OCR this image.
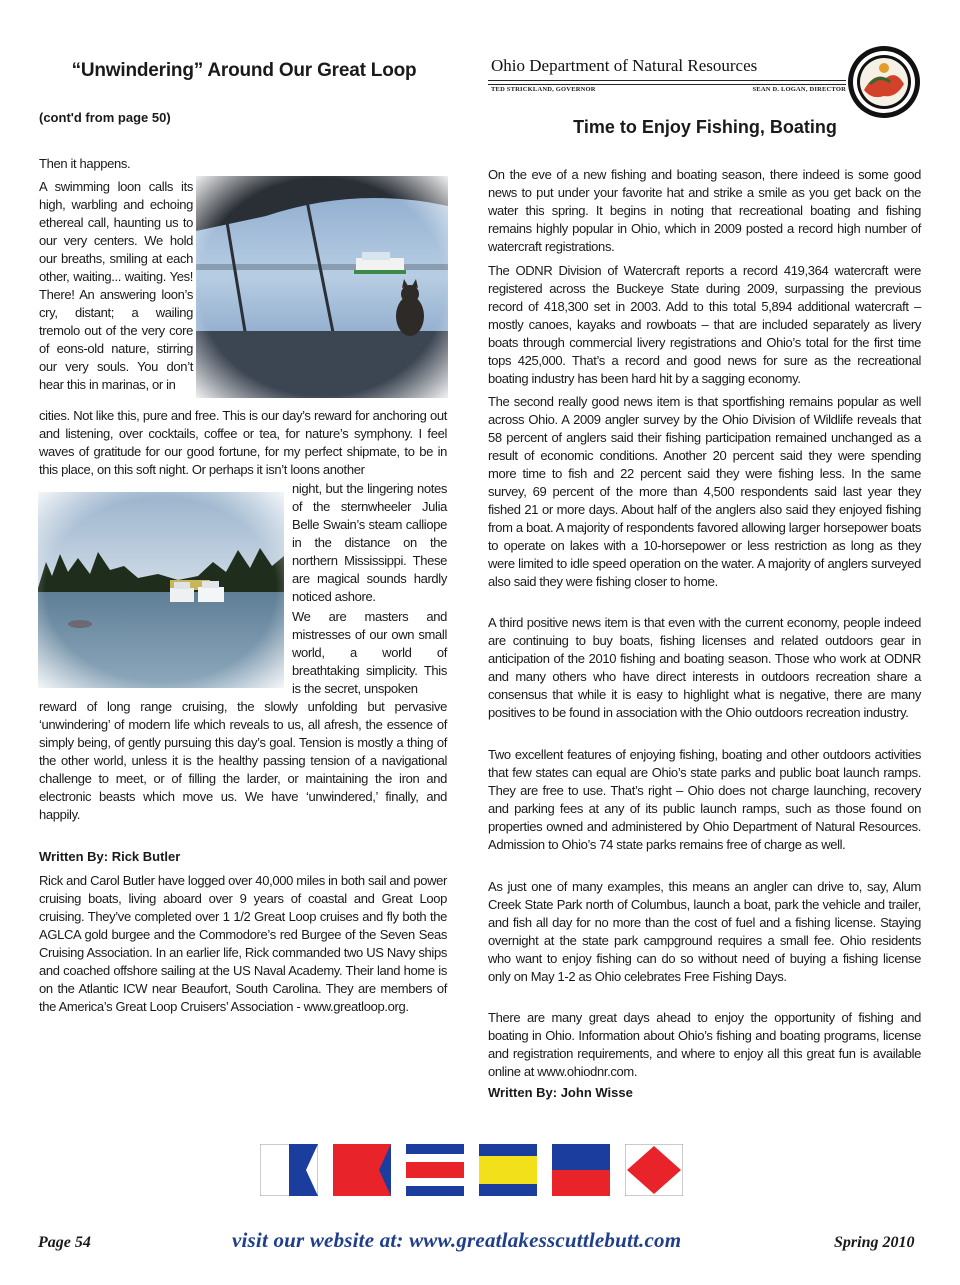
“Unwindering” Around Our Great Loop
(cont'd from page 50)

Then it happens.

A swimming loon calls its high, warbling and echoing ethereal call, haunting us to our very centers. We hold our breaths, smiling at each other, waiting... waiting. Yes! There! An answering loon’s cry, distant; a wailing tremolo out of the very core of eons-old nature, stirring our very souls. You don’t hear this in marinas, or in

cities. Not like this, pure and free. This is our day’s reward for anchoring out and listening, over cocktails, coffee or tea, for nature’s symphony. I feel waves of gratitude for our good fortune, for my perfect shipmate, to be in this place, on this soft night. Or perhaps it isn’t loons another

night, but the lingering notes of the sternwheeler Julia Belle Swain’s steam calliope in the distance on the northern Mississippi. These are magical sounds hardly noticed ashore.

We are masters and mistresses of our own small world, a world of breathtaking simplicity. This is the secret, unspoken

reward of long range cruising, the slowly unfolding but pervasive ‘unwindering’ of modern life which reveals to us, all afresh, the essence of simply being, of gently pursuing this day’s goal. Tension is mostly a thing of the other world, unless it is the healthy passing tension of a navigational challenge to meet, or of filling the larder, or maintaining the iron and electronic beasts which move us. We have ‘unwindered,’ finally, and happily.

Written By: Rick Butler

Rick and Carol Butler have logged over 40,000 miles in both sail and power cruising boats, living aboard over 9 years of coastal and Great Loop cruising. They’ve completed over 1 1/2 Great Loop cruises and fly both the AGLCA gold burgee and the Commodore’s red Burgee of the Seven Seas Cruising Association. In an earlier life, Rick commanded two US Navy ships and coached offshore sailing at the US Naval Academy. Their land home is on the Atlantic ICW near Beaufort, South Carolina. They are members of the America’s Great Loop Cruisers’ Association - www.greatloop.org.

Ohio Department of Natural Resources
TED STRICKLAND, GOVERNOR	SEAN D. LOGAN, DIRECTOR
Time to Enjoy Fishing, Boating

On the eve of a new fishing and boating season, there indeed is some good news to put under your favorite hat and strike a smile as you get back on the water this spring. It begins in noting that recreational boating and fishing remains highly popular in Ohio, which in 2009 posted a record high number of watercraft registrations.

The ODNR Division of Watercraft reports a record 419,364 watercraft were registered across the Buckeye State during 2009, surpassing the previous record of 418,300 set in 2003. Add to this total 5,894 additional watercraft – mostly canoes, kayaks and rowboats – that are included separately as livery boats through commercial livery registrations and Ohio’s total for the first time tops 425,000. That’s a record and good news for sure as the recreational boating industry has been hard hit by a sagging economy.

The second really good news item is that sportfishing remains popular as well across Ohio. A 2009 angler survey by the Ohio Division of Wildlife reveals that 58 percent of anglers said their fishing participation remained unchanged as a result of economic conditions. Another 20 percent said they were spending more time to fish and 22 percent said they were fishing less. In the same survey, 69 percent of the more than 4,500 respondents said last year they fished 21 or more days. About half of the anglers also said they enjoyed fishing from a boat. A majority of respondents favored allowing larger horsepower boats to operate on lakes with a 10-horsepower or less restriction as long as they were limited to idle speed operation on the water. A majority of anglers surveyed also said they were fishing closer to home.

A third positive news item is that even with the current economy, people indeed are continuing to buy boats, fishing licenses and related outdoors gear in anticipation of the 2010 fishing and boating season. Those who work at ODNR and many others who have direct interests in outdoors recreation share a consensus that while it is easy to highlight what is negative, there are many positives to be found in association with the Ohio outdoors recreation industry.

Two excellent features of enjoying fishing, boating and other outdoors activities that few states can equal are Ohio’s state parks and public boat launch ramps. They are free to use. That’s right – Ohio does not charge launching, recovery and parking fees at any of its public launch ramps, such as those found on properties owned and administered by Ohio Department of Natural Resources. Admission to Ohio’s 74 state parks remains free of charge as well.

As just one of many examples, this means an angler can drive to, say, Alum Creek State Park north of Columbus, launch a boat, park the vehicle and trailer, and fish all day for no more than the cost of fuel and a fishing license. Staying overnight at the state park campground requires a small fee. Ohio residents who want to enjoy fishing can do so without need of buying a fishing license only on May 1-2 as Ohio celebrates Free Fishing Days.

There are many great days ahead to enjoy the opportunity of fishing and boating in Ohio. Information about Ohio’s fishing and boating programs, license and registration requirements, and where to enjoy all this great fun is available online at www.ohiodnr.com.

Written By: John Wisse
Page 54	visit our website at: www.greatlakesscuttlebutt.com	Spring 2010
